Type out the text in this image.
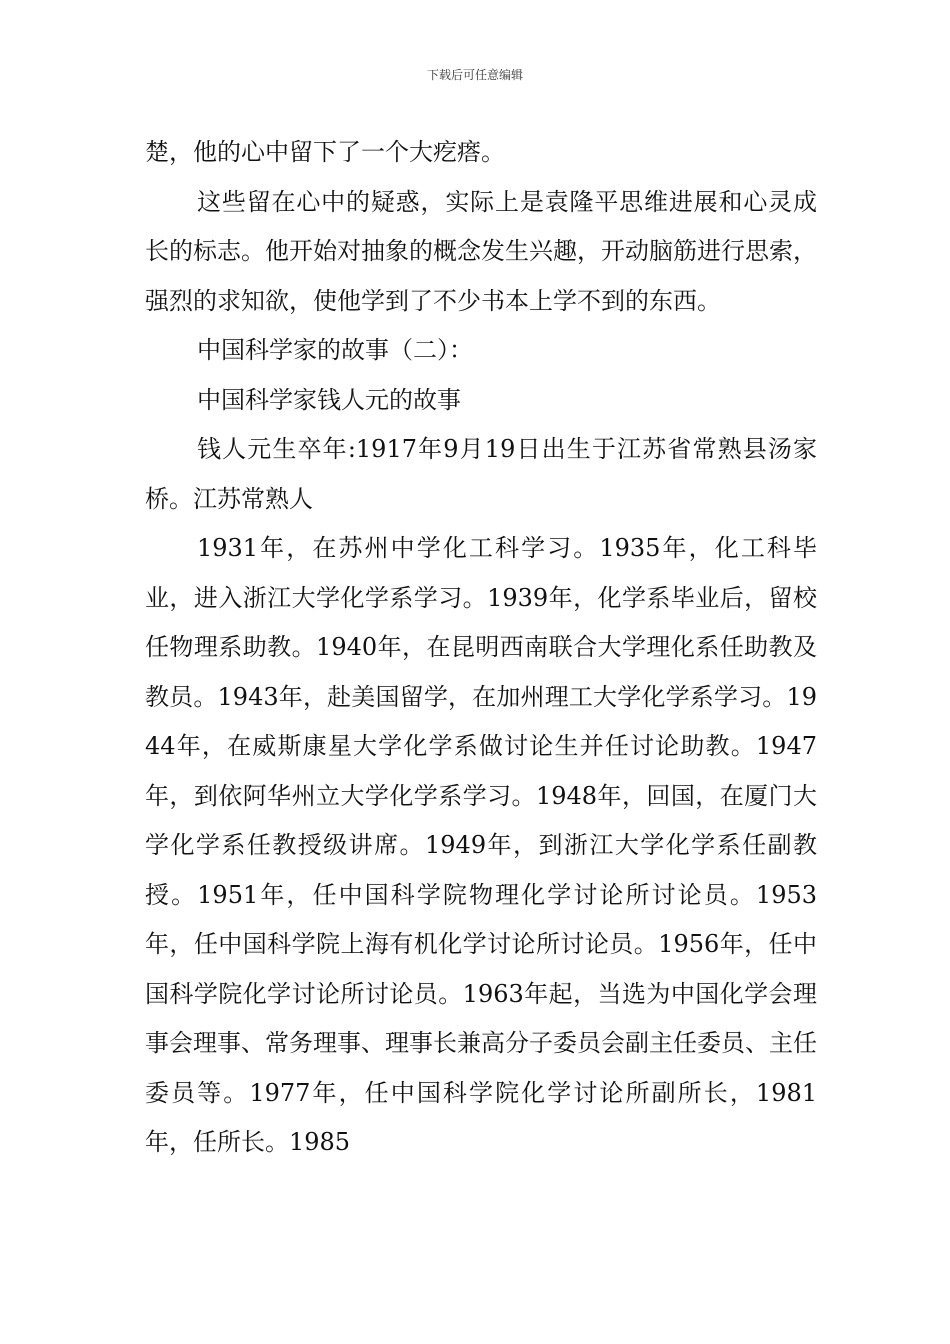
下载后可任意编辑

楚，他的心中留下了一个大疙瘩。

这些留在心中的疑惑，实际上是袁隆平思维进展和心灵成长的标志。他开始对抽象的概念发生兴趣，开动脑筋进行思索，强烈的求知欲，使他学到了不少书本上学不到的东西。

中国科学家的故事（二）：

中国科学家钱人元的故事

钱人元生卒年:1917年9月19日出生于江苏省常熟县汤家桥。江苏常熟人

1931年，在苏州中学化工科学习。1935年，化工科毕业，进入浙江大学化学系学习。1939年，化学系毕业后，留校任物理系助教。1940年，在昆明西南联合大学理化系任助教及教员。1943年，赴美国留学，在加州理工大学化学系学习。1944年，在威斯康星大学化学系做讨论生并任讨论助教。1947年，到依阿华州立大学化学系学习。1948年，回国，在厦门大学化学系任教授级讲席。1949年，到浙江大学化学系任副教授。1951年，任中国科学院物理化学讨论所讨论员。1953年，任中国科学院上海有机化学讨论所讨论员。1956年，任中国科学院化学讨论所讨论员。1963年起，当选为中国化学会理事会理事、常务理事、理事长兼高分子委员会副主任委员、主任委员等。1977年，任中国科学院化学讨论所副所长，1981年，任所长。1985
